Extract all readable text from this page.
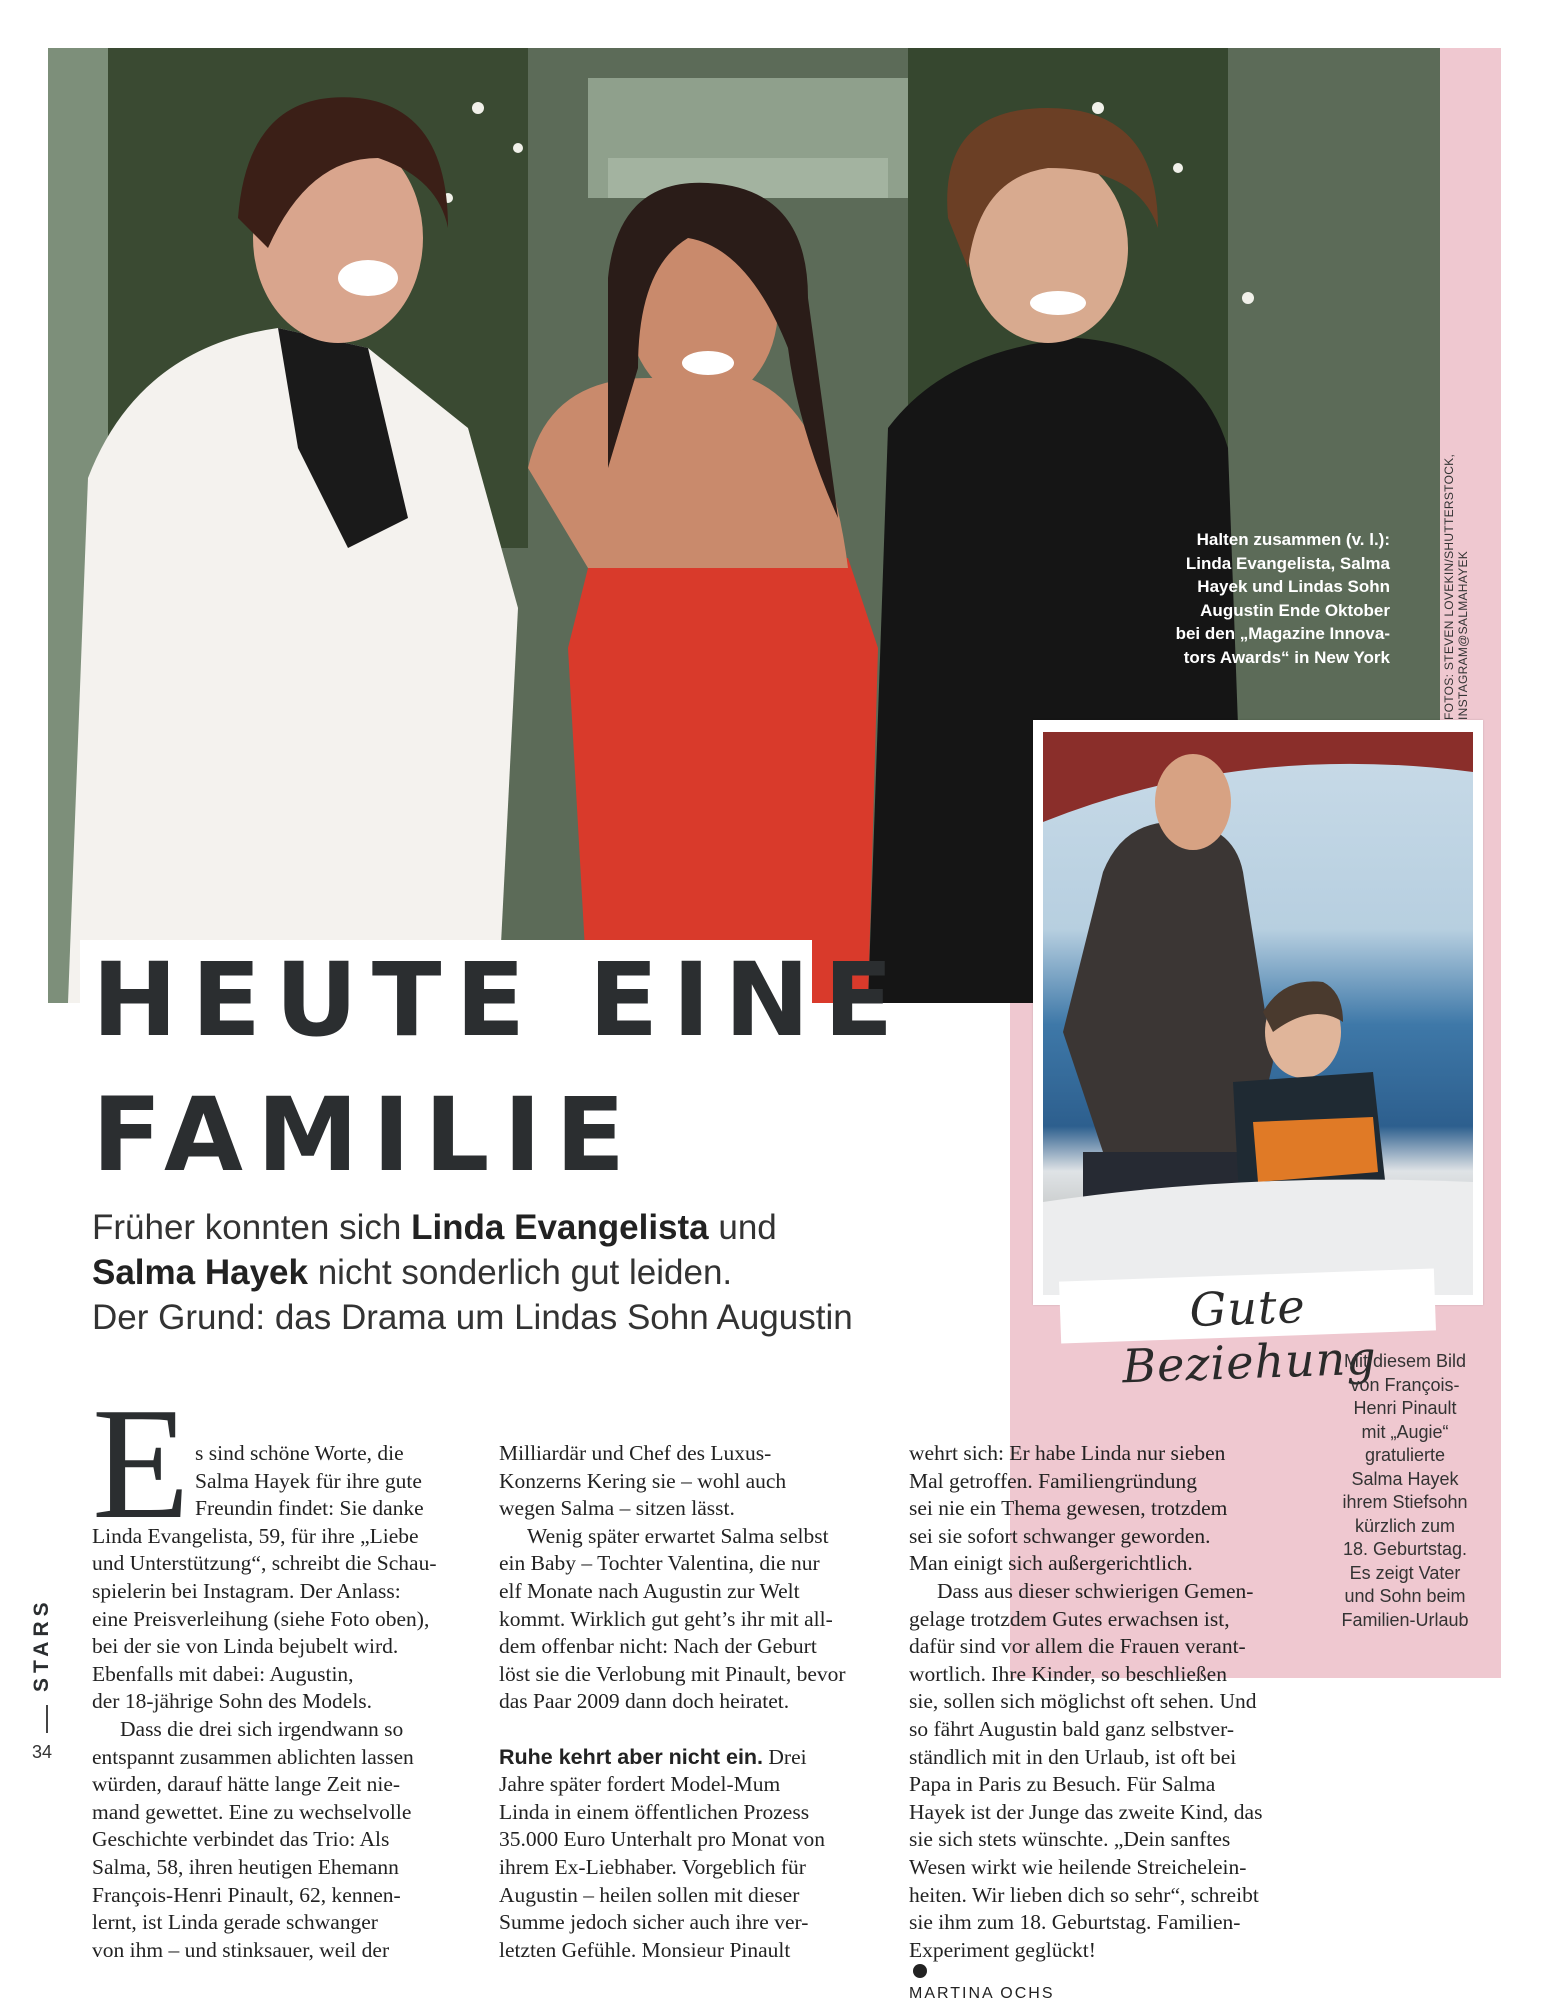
FOTOS: STEVEN LOVEKIN/SHUTTERSTOCK, INSTAGRAM@SALMAHAYEK
Halten zusammen (v. l.):
Linda Evangelista, Salma
Hayek und Lindas Sohn
Augustin Ende Oktober
bei den „Magazine Innova-
tors Awards“ in New York
HEUTE EINE
FAMILIE
Früher konnten sich Linda Evangelista und
Salma Hayek nicht sonderlich gut leiden.
Der Grund: das Drama um Lindas Sohn Augustin	Gute Beziehung
Mit diesem Bild
von François-
Henri Pinault
mit „Augie“
gratulierte
Salma Hayek
ihrem Stiefsohn
kürzlich zum
18. Geburtstag.
Es zeigt Vater
und Sohn beim
Familien-Urlaub
E s sind schöne Worte, die
Salma Hayek für ihre gute
Freundin findet: Sie danke
Linda Evangelista, 59, für ihre „Liebe
und Unterstützung“, schreibt die Schau-
spielerin bei Instagram. Der Anlass:
eine Preisverleihung (siehe Foto oben),
bei der sie von Linda bejubelt wird.
Ebenfalls mit dabei: Augustin,
der 18-jährige Sohn des Models.
Dass die drei sich irgendwann so
entspannt zusammen ablichten lassen
würden, darauf hätte lange Zeit nie-
mand gewettet. Eine zu wechselvolle
Geschichte verbindet das Trio: Als
Salma, 58, ihren heutigen Ehemann
François-Henri Pinault, 62, kennen-
lernt, ist Linda gerade schwanger
von ihm – und stinksauer, weil der
Milliardär und Chef des Luxus-
Konzerns Kering sie – wohl auch
wegen Salma – sitzen lässt.
Wenig später erwartet Salma selbst
ein Baby – Tochter Valentina, die nur
elf Monate nach Augustin zur Welt
kommt. Wirklich gut geht’s ihr mit all-
dem offenbar nicht: Nach der Geburt
löst sie die Verlobung mit Pinault, bevor
das Paar 2009 dann doch heiratet.
Ruhe kehrt aber nicht ein. Drei
Jahre später fordert Model-Mum
Linda in einem öffentlichen Prozess
35.000 Euro Unterhalt pro Monat von
ihrem Ex-Liebhaber. Vorgeblich für
Augustin – heilen sollen mit dieser
Summe jedoch sicher auch ihre ver-
letzten Gefühle. Monsieur Pinault
wehrt sich: Er habe Linda nur sieben
Mal getroffen. Familiengründung
sei nie ein Thema gewesen, trotzdem
sei sie sofort schwanger geworden.
Man einigt sich außergerichtlich.
Dass aus dieser schwierigen Gemen-
gelage trotzdem Gutes erwachsen ist,
dafür sind vor allem die Frauen verant-
wortlich. Ihre Kinder, so beschließen
sie, sollen sich möglichst oft sehen. Und
so fährt Augustin bald ganz selbstver-
ständlich mit in den Urlaub, ist oft bei
Papa in Paris zu Besuch. Für Salma
Hayek ist der Junge das zweite Kind, das
sie sich stets wünschte. „Dein sanftes
Wesen wirkt wie heilende Streichelein-
heiten. Wir lieben dich so sehr“, schreibt
sie ihm zum 18. Geburtstag. Familien-
Experiment geglückt!
MARTINA OCHS
STARS
34
